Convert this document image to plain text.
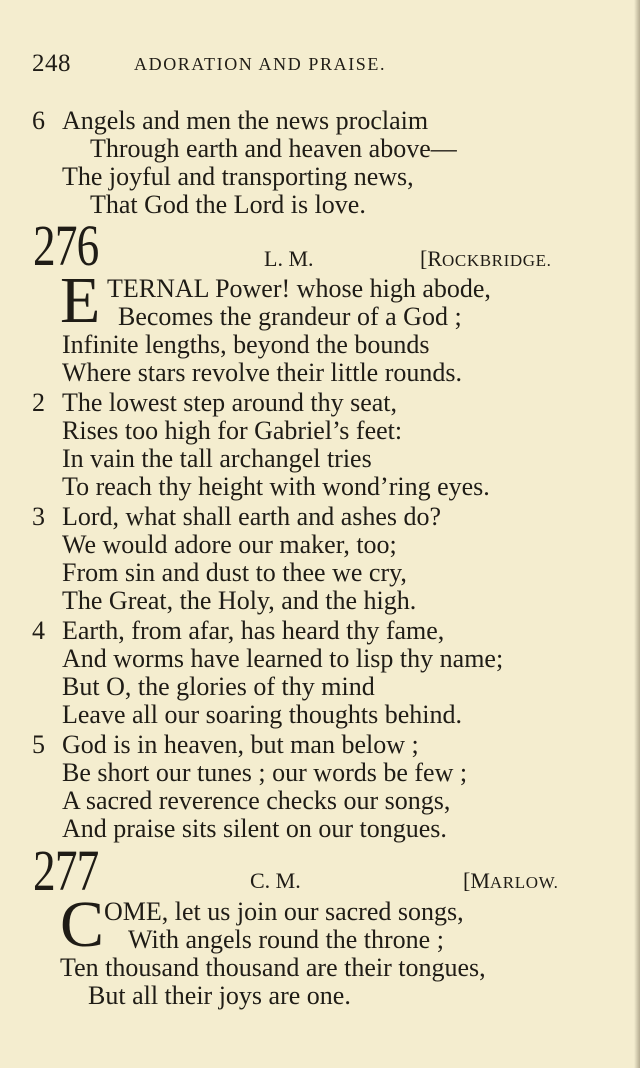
248	ADORATION AND PRAISE.
6 Angels and men the news proclaim
Through earth and heaven above—
The joyful and transporting news,
That God the Lord is love.
276	L. M.	[ROCKBRIDGE.
E TERNAL Power! whose high abode,
Becomes the grandeur of a God ;
Infinite lengths, beyond the bounds
Where stars revolve their little rounds.
2 The lowest step around thy seat,
Rises too high for Gabriel’s feet:
In vain the tall archangel tries
To reach thy height with wond’ring eyes.
3 Lord, what shall earth and ashes do?
We would adore our maker, too;
From sin and dust to thee we cry,
The Great, the Holy, and the high.
4 Earth, from afar, has heard thy fame,
And worms have learned to lisp thy name;
But O, the glories of thy mind
Leave all our soaring thoughts behind.
5 God is in heaven, but man below ;
Be short our tunes ; our words be few ;
A sacred reverence checks our songs,
And praise sits silent on our tongues.
277	C. M.	[MARLOW.
C OME, let us join our sacred songs,
With angels round the throne ;
Ten thousand thousand are their tongues,
But all their joys are one.
